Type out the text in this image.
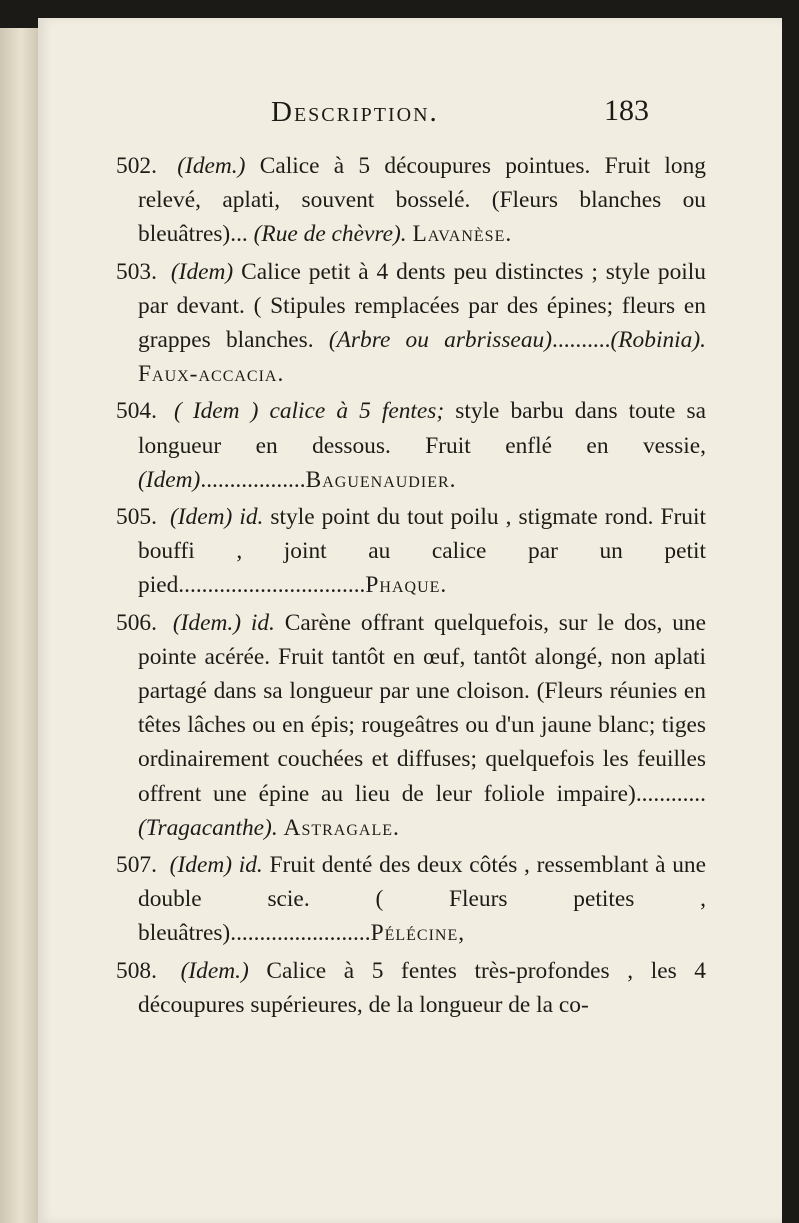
Description.	183

502. (Idem.) Calice à 5 découpures pointues. Fruit long relevé, aplati, souvent bosselé. (Fleurs blanches ou bleuâtres)... (Rue de chèvre). Lavanèse.

503. (Idem) Calice petit à 4 dents peu distinctes ; style poilu par devant. ( Stipules remplacées par des épines; fleurs en grappes blanches. (Arbre ou arbrisseau)..........(Robinia). Faux-accacia.

504. ( Idem ) calice à 5 fentes; style barbu dans toute sa longueur en dessous. Fruit enflé en vessie, (Idem)..................Baguenaudier.

505. (Idem) id. style point du tout poilu , stigmate rond. Fruit bouffi , joint au calice par un petit pied................................Phaque.

506. (Idem.) id. Carène offrant quelquefois, sur le dos, une pointe acérée. Fruit tantôt en œuf, tantôt alongé, non aplati partagé dans sa longueur par une cloison. (Fleurs réunies en têtes lâches ou en épis; rougeâtres ou d'un jaune blanc; tiges ordinairement couchées et diffuses; quelquefois les feuilles offrent une épine au lieu de leur foliole impaire)............(Tragacanthe). Astragale.

507. (Idem) id. Fruit denté des deux côtés , ressemblant à une double scie. ( Fleurs petites , bleuâtres)........................Pélécine,

508. (Idem.) Calice à 5 fentes très-profondes , les 4 découpures supérieures, de la longueur de la co-
